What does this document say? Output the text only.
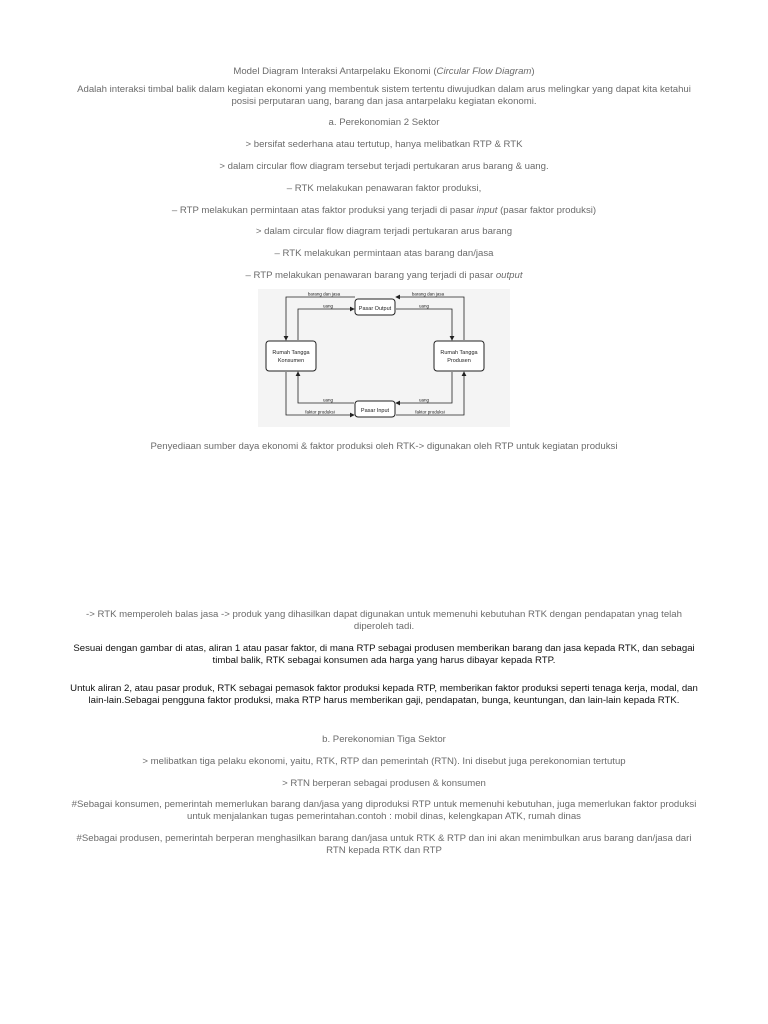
Model Diagram Interaksi Antarpelaku Ekonomi (Circular Flow Diagram)

Adalah interaksi timbal balik dalam kegiatan ekonomi yang membentuk sistem tertentu diwujudkan dalam arus melingkar yang dapat kita ketahui posisi perputaran uang, barang dan jasa antarpelaku kegiatan ekonomi.

a. Perekonomian 2 Sektor

> bersifat sederhana atau tertutup, hanya melibatkan RTP & RTK

> dalam circular flow diagram tersebut terjadi pertukaran arus barang & uang.

– RTK melakukan penawaran faktor produksi,

– RTP melakukan permintaan atas faktor produksi yang terjadi di pasar input (pasar faktor produksi)

> dalam circular flow diagram terjadi pertukaran arus barang

– RTK melakukan permintaan atas barang dan/jasa

– RTP melakukan penawaran barang yang terjadi di pasar output

Pasar Output
Pasar Input
Rumah Tangga
Konsumen
Rumah Tangga
Produsen
barang dan jasa
uang
barang dan jasa
uang
uang
faktor produksi
uang
faktor produksi

Penyediaan sumber daya ekonomi & faktor produksi oleh RTK-> digunakan oleh RTP untuk kegiatan produksi

-> RTK memperoleh balas jasa -> produk yang dihasilkan dapat digunakan untuk memenuhi kebutuhan RTK dengan pendapatan ynag telah diperoleh tadi.

Sesuai dengan gambar di atas, aliran 1 atau pasar faktor, di mana RTP sebagai produsen memberikan barang dan jasa kepada RTK, dan sebagai timbal balik, RTK sebagai konsumen ada harga yang harus dibayar kepada RTP.

Untuk aliran 2, atau pasar produk, RTK sebagai pemasok faktor produksi kepada RTP, memberikan faktor produksi seperti tenaga kerja, modal, dan lain-lain.Sebagai pengguna faktor produksi, maka RTP harus memberikan gaji, pendapatan, bunga, keuntungan, dan lain-lain kepada RTK.

b. Perekonomian Tiga Sektor

> melibatkan tiga pelaku ekonomi, yaitu, RTK, RTP dan pemerintah (RTN). Ini disebut juga perekonomian tertutup

> RTN berperan sebagai produsen & konsumen

#Sebagai konsumen, pemerintah memerlukan barang dan/jasa yang diproduksi RTP untuk memenuhi kebutuhan, juga memerlukan faktor produksi untuk menjalankan tugas pemerintahan.contoh : mobil dinas, kelengkapan ATK, rumah dinas

#Sebagai produsen, pemerintah berperan menghasilkan barang dan/jasa untuk RTK & RTP dan ini akan menimbulkan arus barang dan/jasa dari RTN kepada RTK dan RTP
